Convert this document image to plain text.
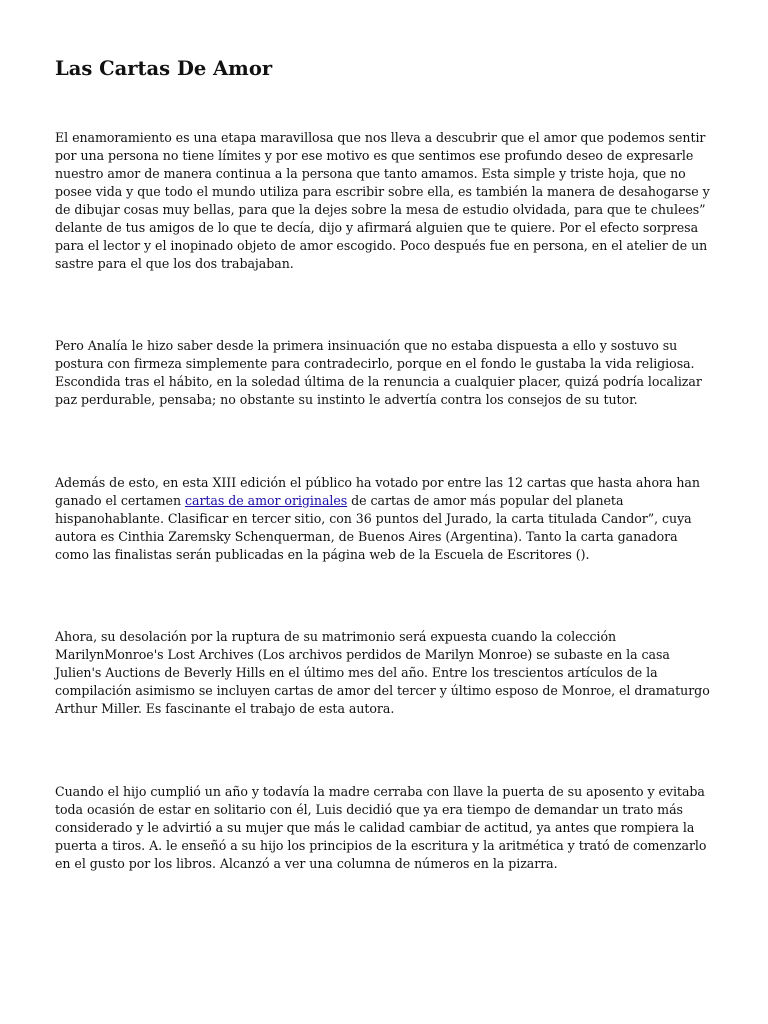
Las Cartas De Amor

El enamoramiento es una etapa maravillosa que nos lleva a descubrir que el amor que podemos sentir por una persona no tiene límites y por ese motivo es que sentimos ese profundo deseo de expresarle nuestro amor de manera continua a la persona que tanto amamos. Esta simple y triste hoja, que no posee vida y que todo el mundo utiliza para escribir sobre ella, es también la manera de desahogarse y de dibujar cosas muy bellas, para que la dejes sobre la mesa de estudio olvidada, para que te chulees” delante de tus amigos de lo que te decía, dijo y afirmará alguien que te quiere. Por el efecto sorpresa para el lector y el inopinado objeto de amor escogido. Poco después fue en persona, en el atelier de un sastre para el que los dos trabajaban.

Pero Analía le hizo saber desde la primera insinuación que no estaba dispuesta a ello y sostuvo su postura con firmeza simplemente para contradecirlo, porque en el fondo le gustaba la vida religiosa. Escondida tras el hábito, en la soledad última de la renuncia a cualquier placer, quizá podría localizar paz perdurable, pensaba; no obstante su instinto le advertía contra los consejos de su tutor.

Además de esto, en esta XIII edición el público ha votado por entre las 12 cartas que hasta ahora han ganado el certamen cartas de amor originales de cartas de amor más popular del planeta hispanohablante. Clasificar en tercer sitio, con 36 puntos del Jurado, la carta titulada Candor”, cuya autora es Cinthia Zaremsky Schenquerman, de Buenos Aires (Argentina). Tanto la carta ganadora como las finalistas serán publicadas en la página web de la Escuela de Escritores ().

Ahora, su desolación por la ruptura de su matrimonio será expuesta cuando la colección MarilynMonroe's Lost Archives (Los archivos perdidos de Marilyn Monroe) se subaste en la casa Julien's Auctions de Beverly Hills en el último mes del año. Entre los trescientos artículos de la compilación asimismo se incluyen cartas de amor del tercer y último esposo de Monroe, el dramaturgo Arthur Miller. Es fascinante el trabajo de esta autora.

Cuando el hijo cumplió un año y todavía la madre cerraba con llave la puerta de su aposento y evitaba toda ocasión de estar en solitario con él, Luis decidió que ya era tiempo de demandar un trato más considerado y le advirtió a su mujer que más le calidad cambiar de actitud, ya antes que rompiera la puerta a tiros. A. le enseñó a su hijo los principios de la escritura y la aritmética y trató de comenzarlo en el gusto por los libros. Alcanzó a ver una columna de números en la pizarra.
